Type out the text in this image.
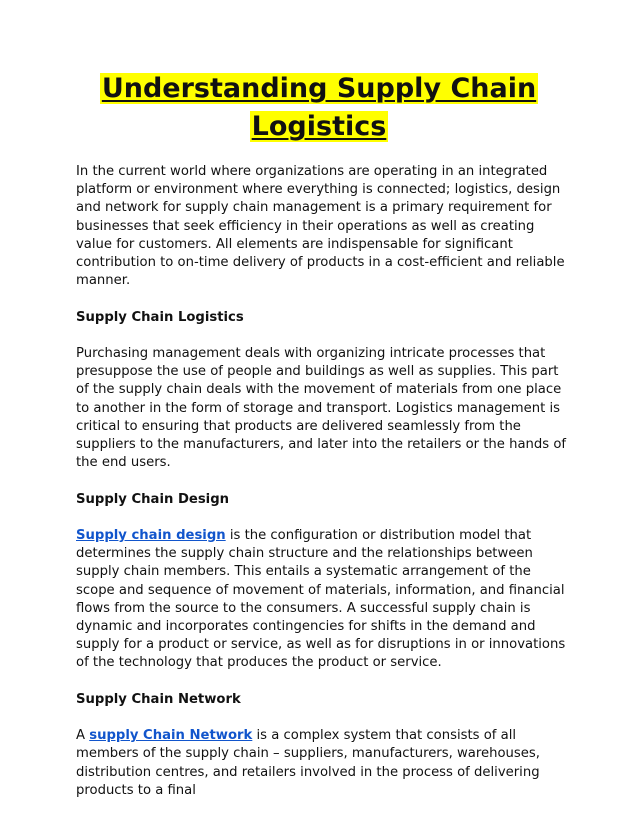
Understanding Supply Chain Logistics

In the current world where organizations are operating in an integrated platform or environment where everything is connected; logistics, design and network for supply chain management is a primary requirement for businesses that seek efficiency in their operations as well as creating value for customers. All elements are indispensable for significant contribution to on-time delivery of products in a cost-efficient and reliable manner.

Supply Chain Logistics

Purchasing management deals with organizing intricate processes that presuppose the use of people and buildings as well as supplies. This part of the supply chain deals with the movement of materials from one place to another in the form of storage and transport. Logistics management is critical to ensuring that products are delivered seamlessly from the suppliers to the manufacturers, and later into the retailers or the hands of the end users.

Supply Chain Design

Supply chain design is the configuration or distribution model that determines the supply chain structure and the relationships between supply chain members. This entails a systematic arrangement of the scope and sequence of movement of materials, information, and financial flows from the source to the consumers. A successful supply chain is dynamic and incorporates contingencies for shifts in the demand and supply for a product or service, as well as for disruptions in or innovations of the technology that produces the product or service.

Supply Chain Network

A supply Chain Network is a complex system that consists of all members of the supply chain – suppliers, manufacturers, warehouses, distribution centres, and retailers involved in the process of delivering products to a final
